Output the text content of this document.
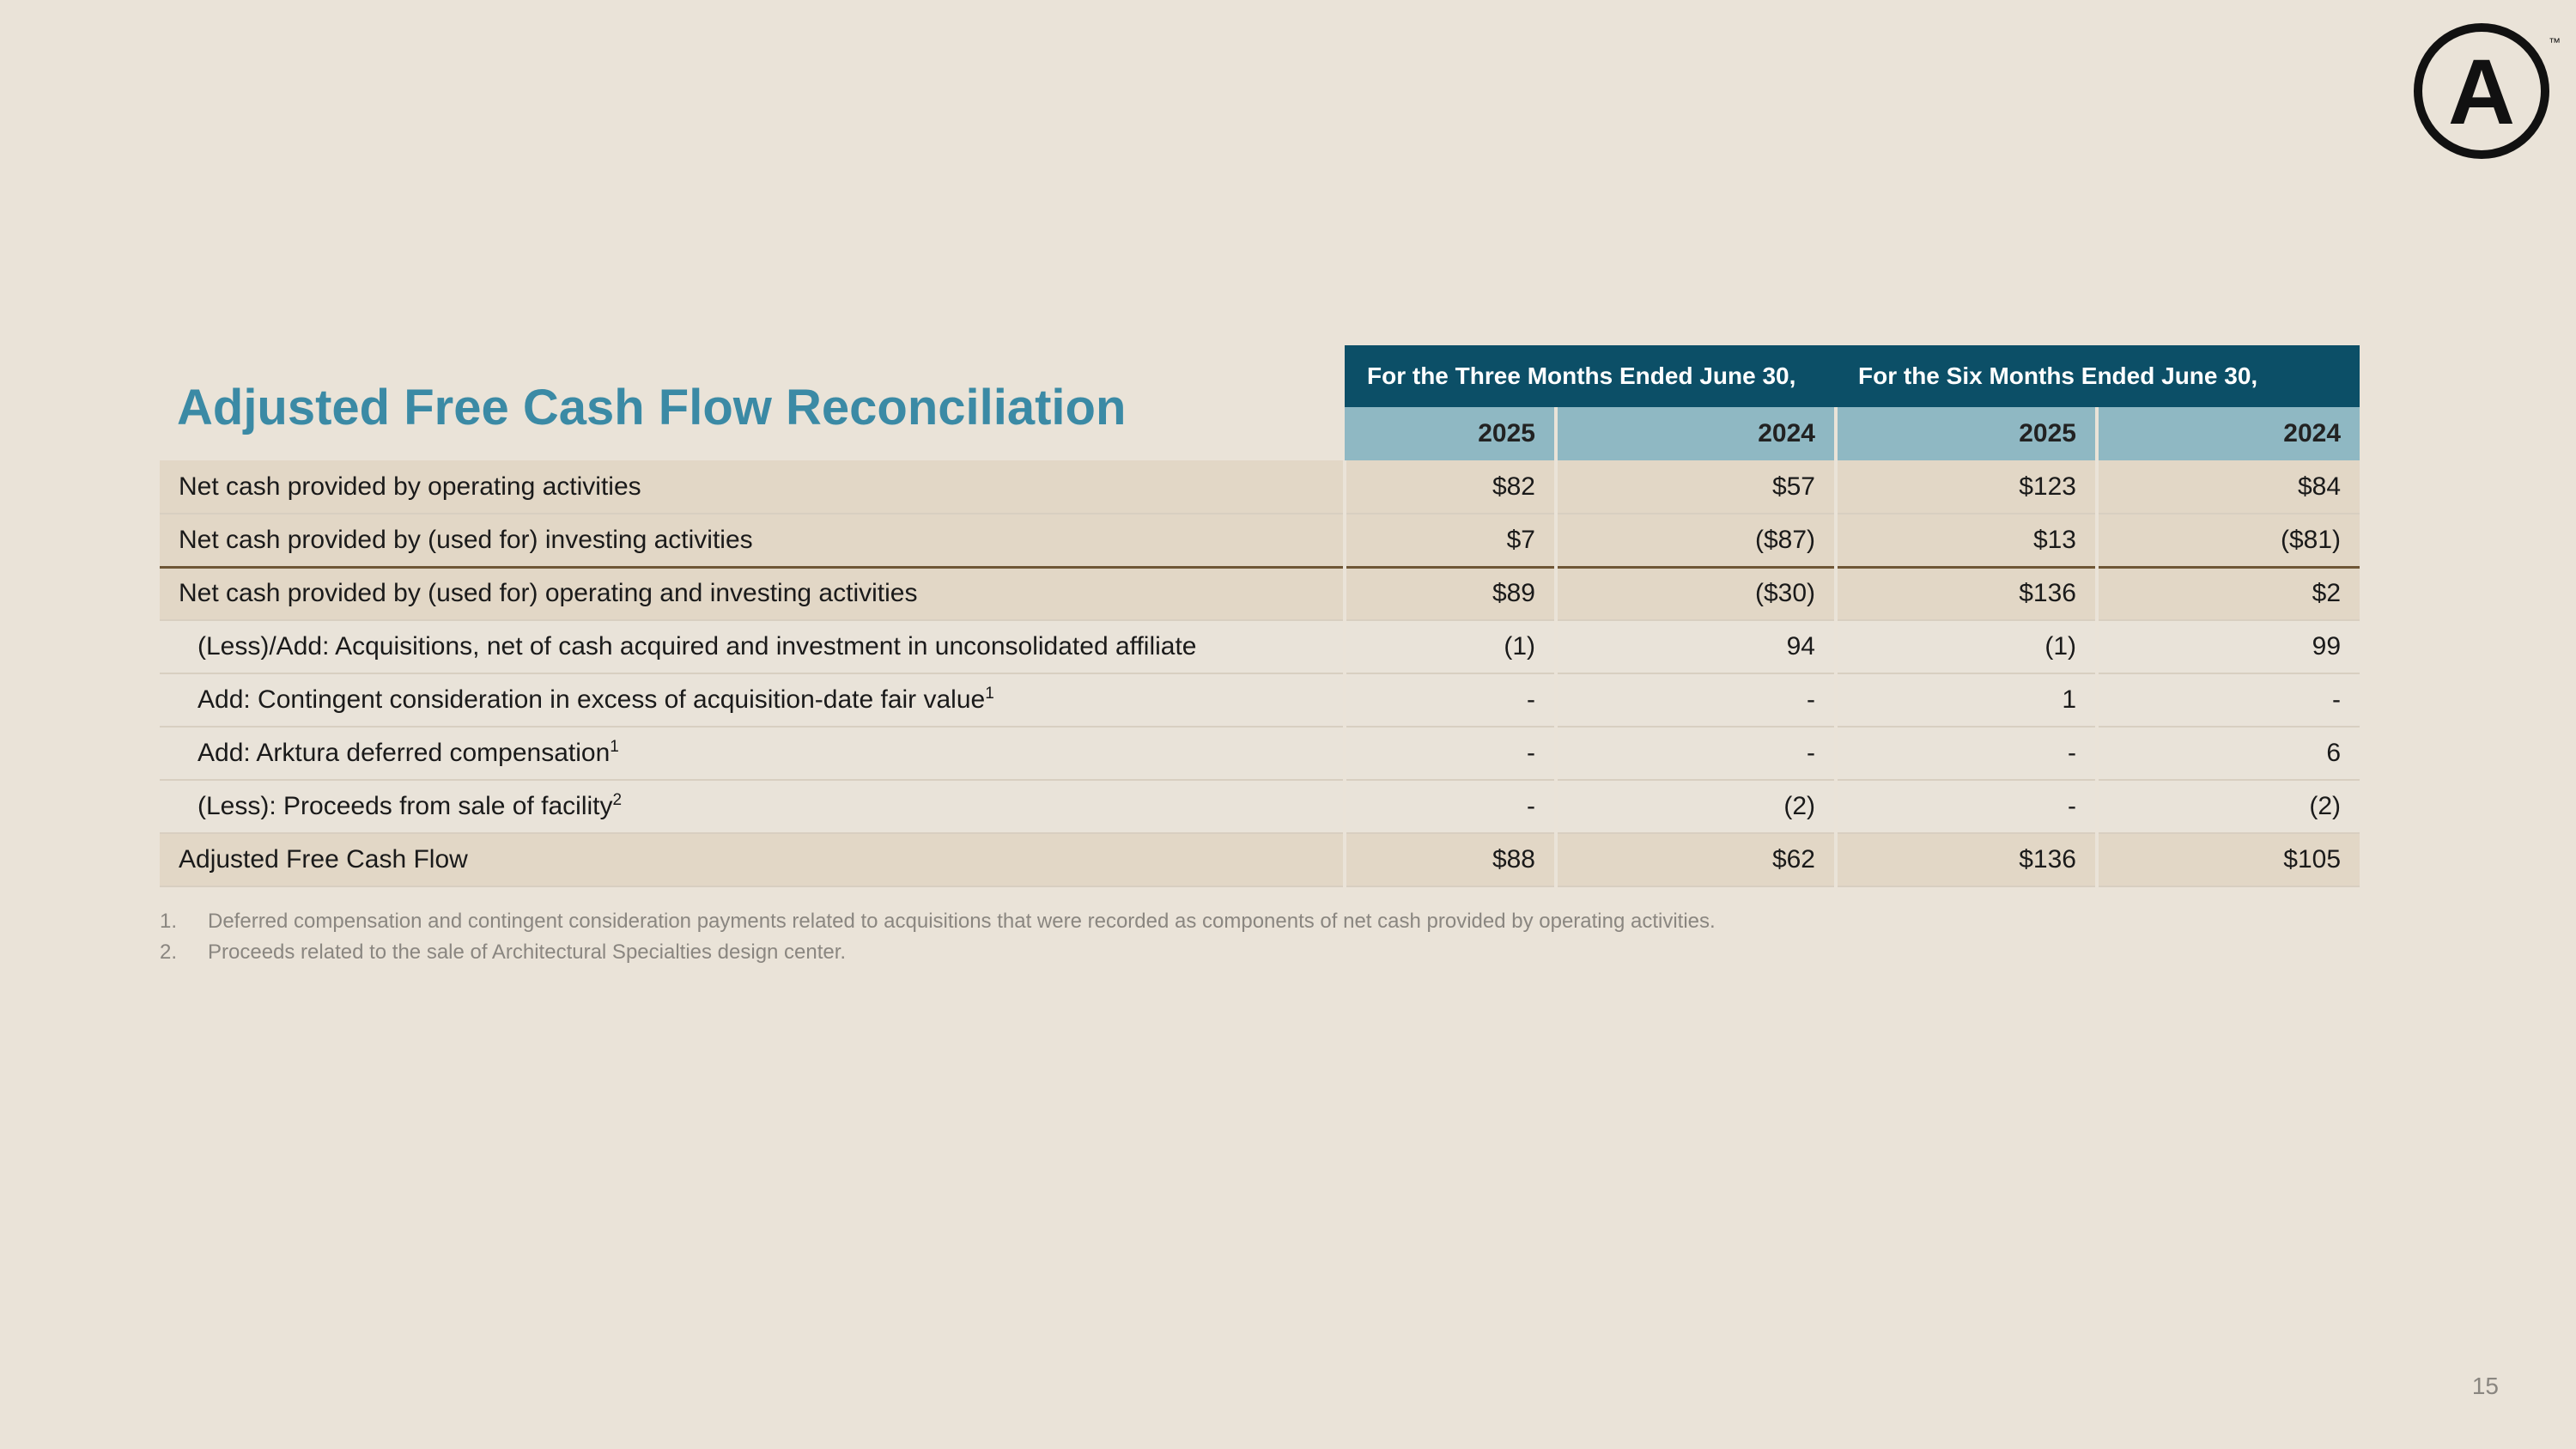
A	™
Adjusted Free Cash Flow Reconciliation
	For the Three Months Ended June 30,		For the Six Months Ended June 30,	
	2025	2024	2025	2024
Net cash provided by operating activities	$82	$57	$123	$84
Net cash provided by (used for) investing activities	$7	($87)	$13	($81)
Net cash provided by (used for) operating and investing activities	$89	($30)	$136	$2
(Less)/Add: Acquisitions, net of cash acquired and investment in unconsolidated affiliate	(1)	94	(1)	99
Add: Contingent consideration in excess of acquisition-date fair value$^1$	-	-	1	-
Add: Arktura deferred compensation$^1$	-	-	-	6
(Less): Proceeds from sale of facility$^2$	-	(2)	-	(2)
Adjusted Free Cash Flow	$88	$62	$136	$105
1.	Deferred compensation and contingent consideration payments related to acquisitions that were recorded as components of net cash provided by operating activities.
2.	Proceeds related to the sale of Architectural Specialties design center.
15
